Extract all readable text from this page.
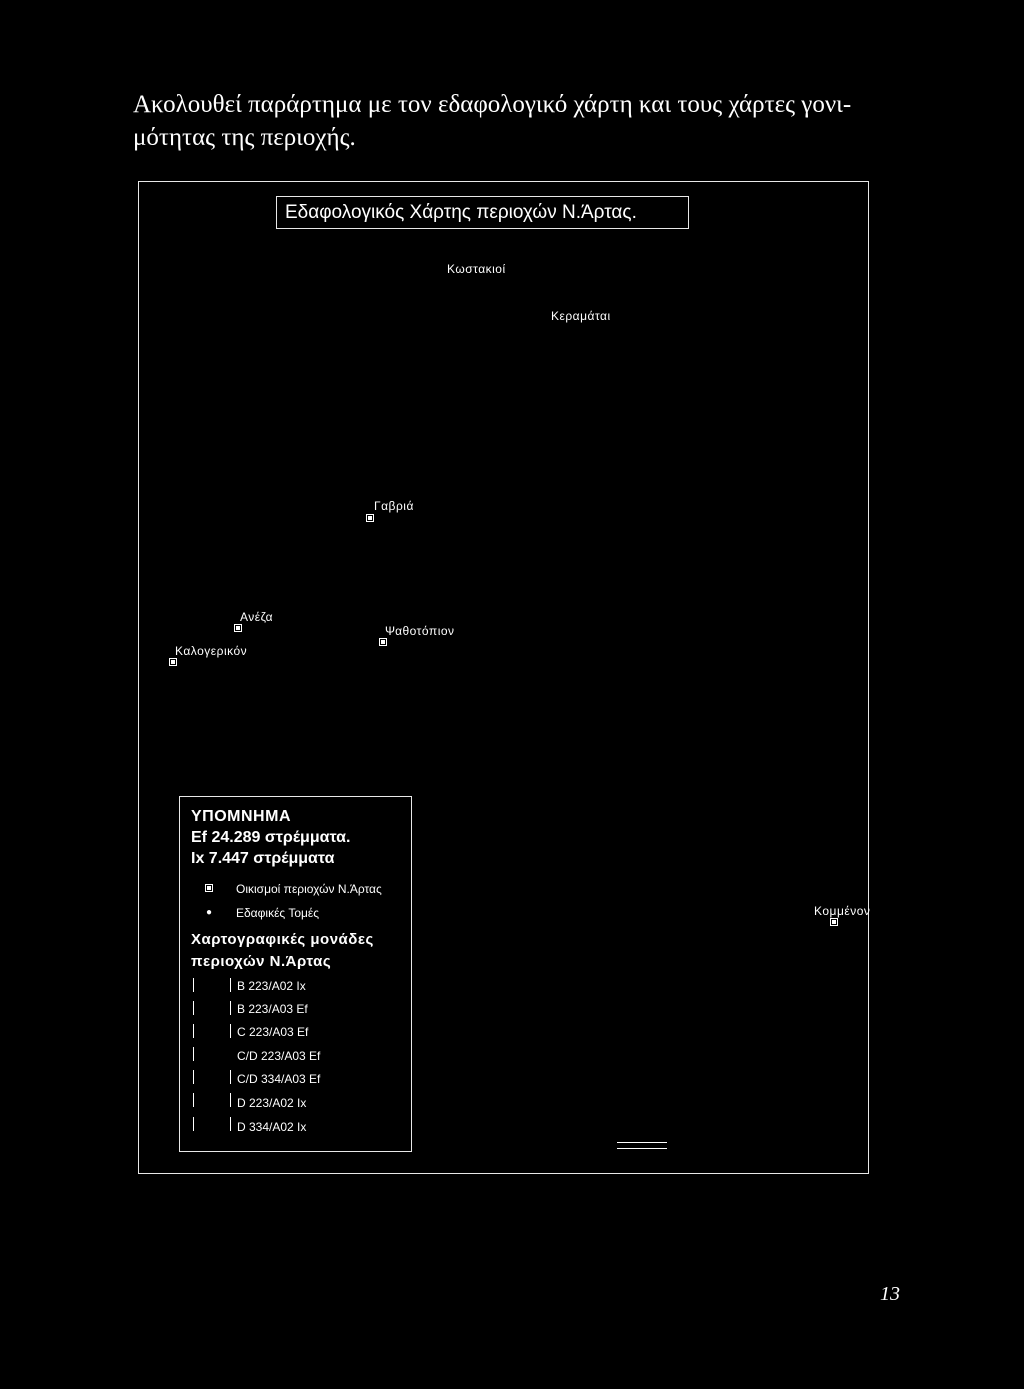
Ακολουθεί παράρτημα με τον εδαφολογικό χάρτη και τους χάρτες γονι-
μότητας της περιοχής.
Εδαφολογικός Χάρτης περιοχών Ν.Άρτας.
Κωστακιοί
Κεραμάται
Γαβριά
Ανέζα
Καλογερικόν
Ψαθοτόπιον
Κομμένον
ΥΠΟΜΝΗΜΑ
Ef 24.289 στρέμματα.
Ix 7.447 στρέμματα
Οικισμοί περιοχών Ν.Άρτας
● Εδαφικές Τομές
Χαρτογραφικές μονάδες
περιοχών Ν.Άρτας
B 223/A02 Ix
B 223/A03 Ef
C 223/A03 Ef
C/D 223/A03 Ef
C/D 334/A03 Ef
D 223/A02 Ix
D 334/A02 Ix
13
